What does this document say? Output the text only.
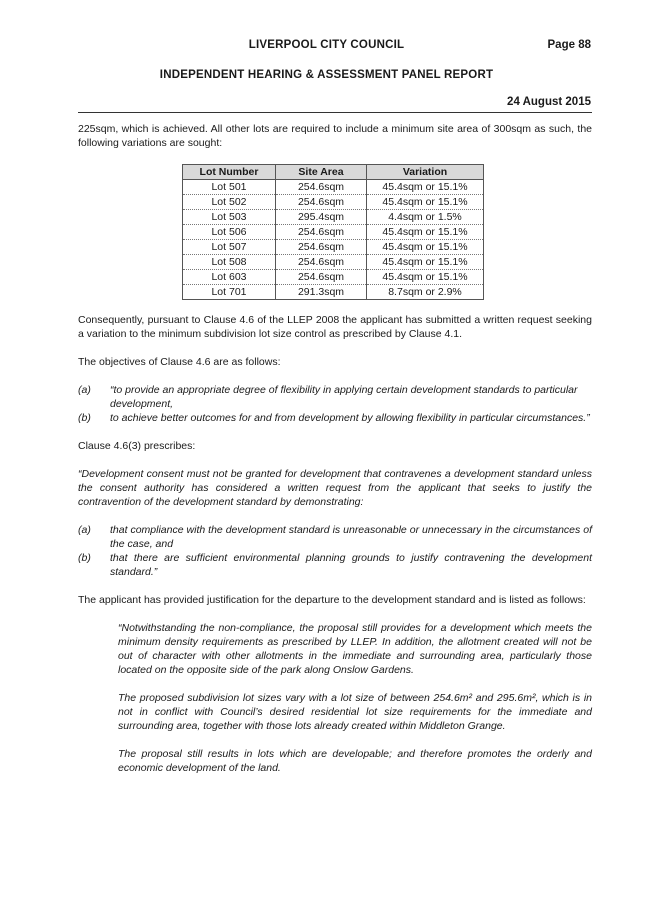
LIVERPOOL CITY COUNCIL	Page 88
INDEPENDENT HEARING & ASSESSMENT PANEL REPORT
24 August 2015

225sqm, which is achieved. All other lots are required to include a minimum site area of 300sqm as such, the following variations are sought:

Lot Number	Site Area	Variation
Lot 501	254.6sqm	45.4sqm or 15.1%
Lot 502	254.6sqm	45.4sqm or 15.1%
Lot 503	295.4sqm	4.4sqm or 1.5%
Lot 506	254.6sqm	45.4sqm or 15.1%
Lot 507	254.6sqm	45.4sqm or 15.1%
Lot 508	254.6sqm	45.4sqm or 15.1%
Lot 603	254.6sqm	45.4sqm or 15.1%
Lot 701	291.3sqm	8.7sqm or 2.9%

Consequently, pursuant to Clause 4.6 of the LLEP 2008 the applicant has submitted a written request seeking a variation to the minimum subdivision lot size control as prescribed by Clause 4.1.

The objectives of Clause 4.6 are as follows:

(a)	“to provide an appropriate degree of flexibility in applying certain development standards to particular development,
(b)	to achieve better outcomes for and from development by allowing flexibility in particular circumstances.”

Clause 4.6(3) prescribes:

“Development consent must not be granted for development that contravenes a development standard unless the consent authority has considered a written request from the applicant that seeks to justify the contravention of the development standard by demonstrating:

(a)	that compliance with the development standard is unreasonable or unnecessary in the circumstances of the case, and
(b)	that there are sufficient environmental planning grounds to justify contravening the development standard.”

The applicant has provided justification for the departure to the development standard and is listed as follows:

“Notwithstanding the non-compliance, the proposal still provides for a development which meets the minimum density requirements as prescribed by LLEP. In addition, the allotment created will not be out of character with other allotments in the immediate and surrounding area, particularly those located on the opposite side of the park along Onslow Gardens.

The proposed subdivision lot sizes vary with a lot size of between 254.6m² and 295.6m², which is in not in conflict with Council’s desired residential lot size requirements for the immediate and surrounding area, together with those lots already created within Middleton Grange.

The proposal still results in lots which are developable; and therefore promotes the orderly and economic development of the land.
